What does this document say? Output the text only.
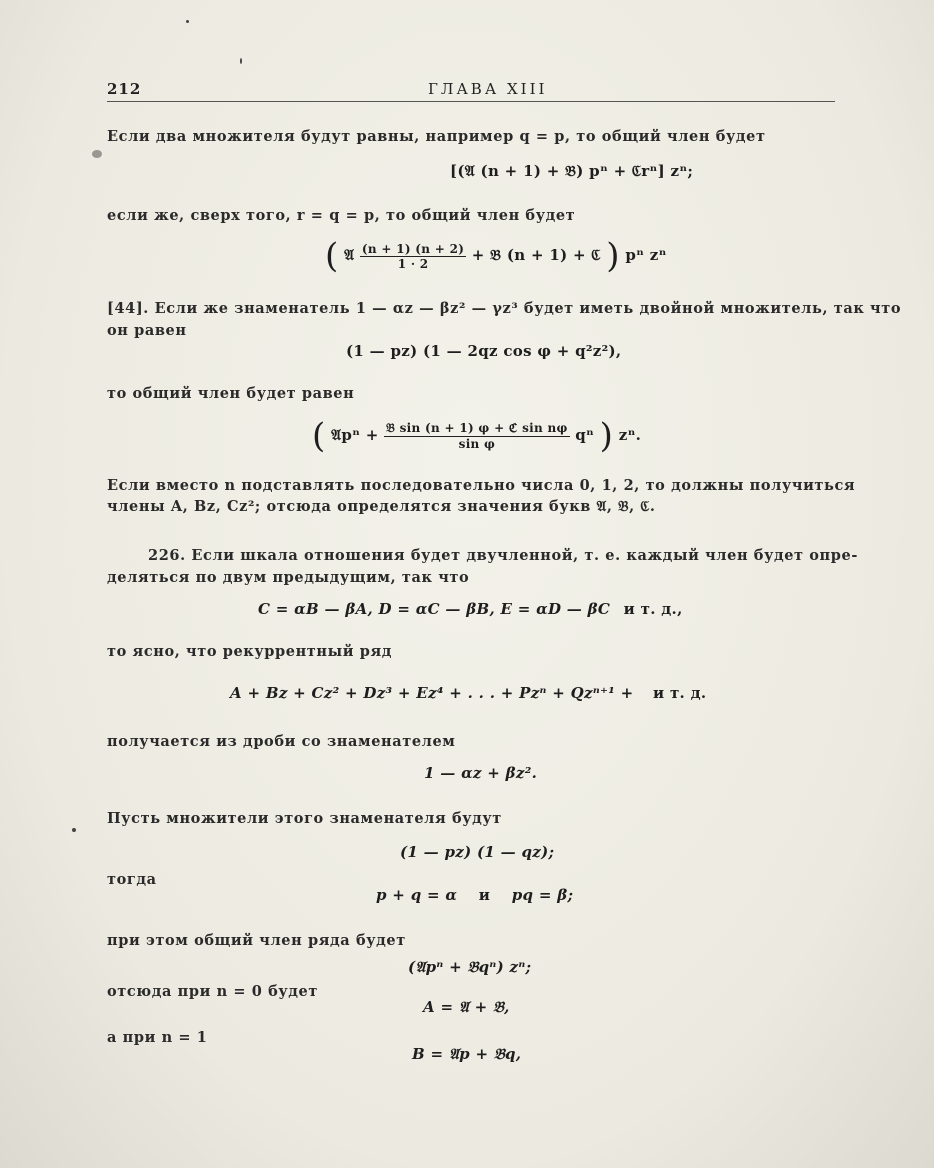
212	ГЛАВА XIII
Если два множителя будут равны, например q = p, то общий член будет
[(𝔄 (n + 1) + 𝔅) pⁿ + ℭrⁿ] zⁿ;
если же, сверх того, r = q = p, то общий член будет
( 𝔄 $\frac{(n + 1) (n + 2)}{1 \cdot 2}$ + 𝔅 (n + 1) + ℭ ) pⁿ zⁿ
[44]. Если же знаменатель 1 — αz — βz² — γz³ будет иметь двойной множитель, так что
он равен
(1 — pz) (1 — 2qz cos φ + q²z²),
то общий член будет равен
( 𝔄pⁿ + $\frac{\text{𝔅 sin (n + 1) φ + ℭ sin nφ}}{\text{sin φ}}$ qⁿ ) zⁿ.
Если вместо n подставлять последовательно числа 0, 1, 2, то должны получиться
члены A, Bz, Cz²; отсюда определятся значения букв 𝔄, 𝔅, ℭ.
226. Если шкала отношения будет двучленной, т. е. каждый член будет опре-
деляться по двум предыдущим, так что
C = αB — βA, D = αC — βB, E = αD — βC и т. д.,
то ясно, что рекуррентный ряд
A + Bz + Cz² + Dz³ + Ez⁴ + . . . + Pzⁿ + Qzⁿ⁺¹ + и т. д.
получается из дроби со знаменателем
1 — αz + βz².
Пусть множители этого знаменателя будут
(1 — pz) (1 — qz);
тогда
p + q = α и pq = β;
при этом общий член ряда будет
(𝔄pⁿ + 𝔅qⁿ) zⁿ;
отсюда при n = 0 будет
A = 𝔄 + 𝔅,
а при n = 1
B = 𝔄p + 𝔅q,
